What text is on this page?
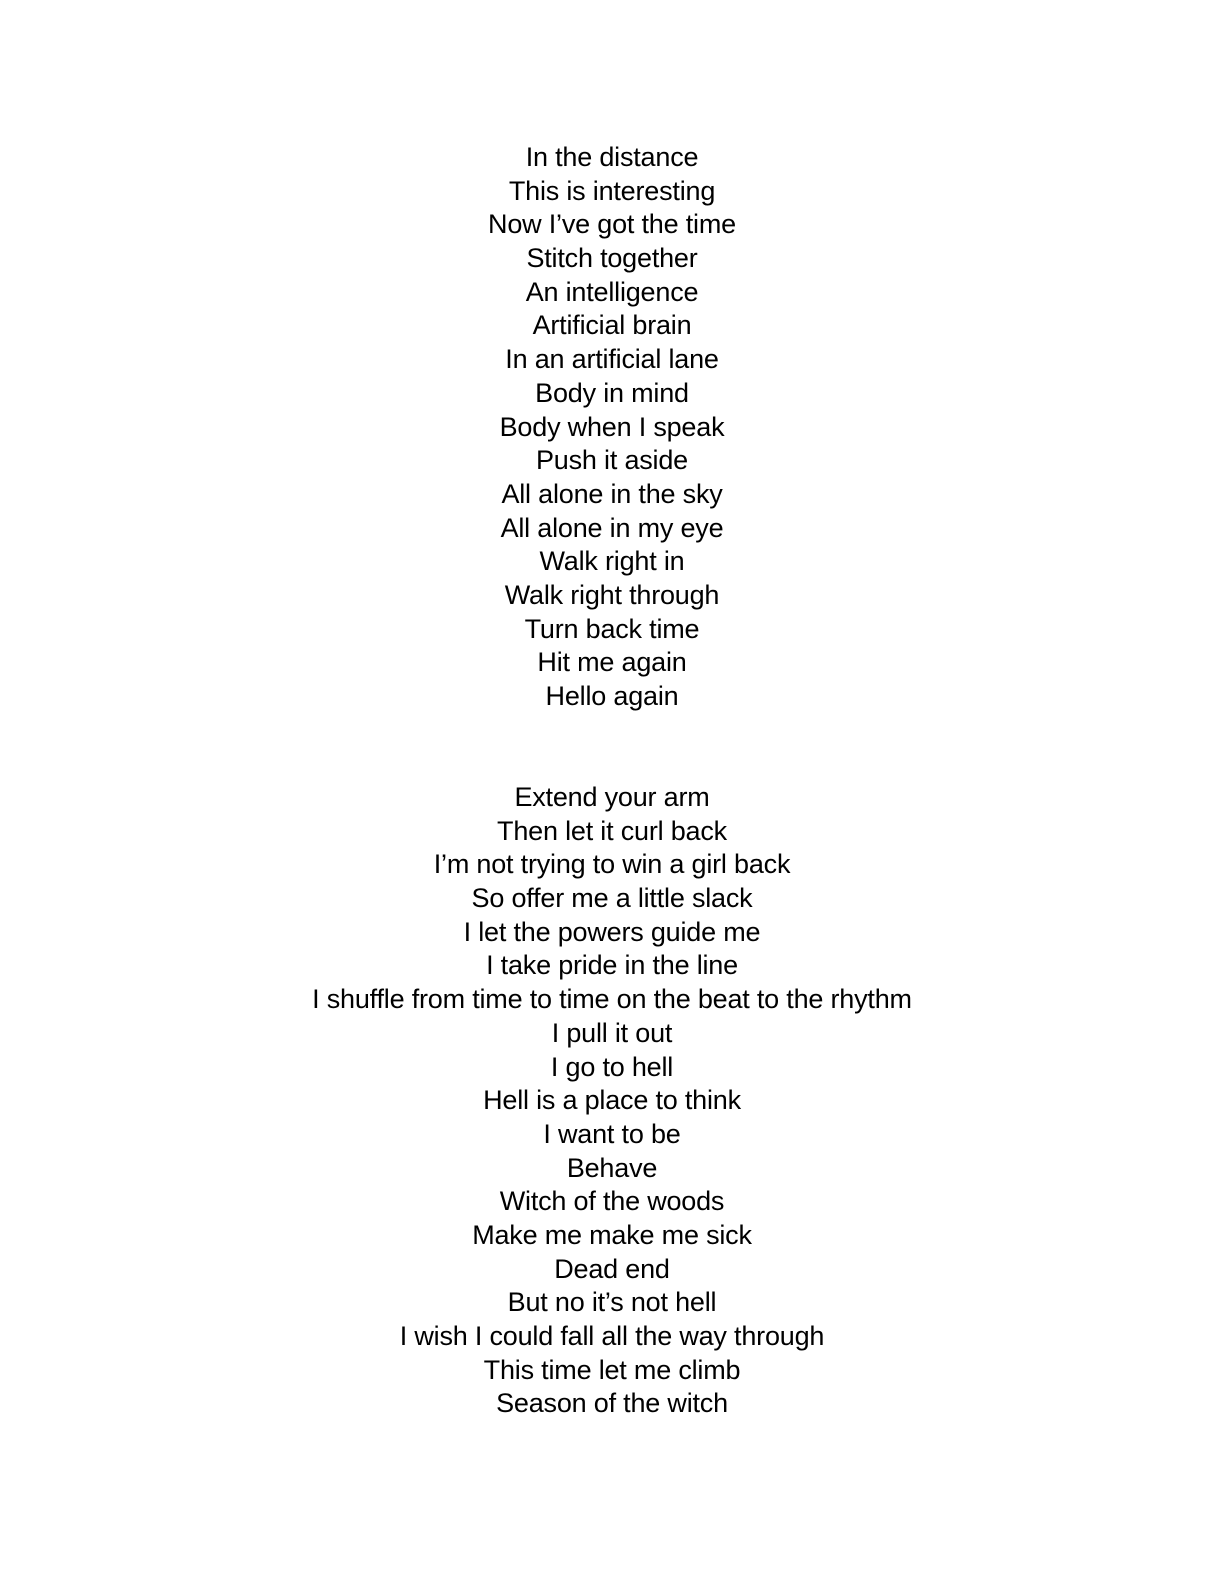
In the distance
This is interesting
Now I’ve got the time
Stitch together
An intelligence
Artificial brain
In an artificial lane
Body in mind
Body when I speak
Push it aside
All alone in the sky
All alone in my eye
Walk right in
Walk right through
Turn back time
Hit me again
Hello again
Extend your arm
Then let it curl back
I’m not trying to win a girl back
So offer me a little slack
I let the powers guide me
I take pride in the line
I shuffle from time to time on the beat to the rhythm
I pull it out
I go to hell
Hell is a place to think
I want to be
Behave
Witch of the woods
Make me make me sick
Dead end
But no it’s not hell
I wish I could fall all the way through
This time let me climb
Season of the witch
